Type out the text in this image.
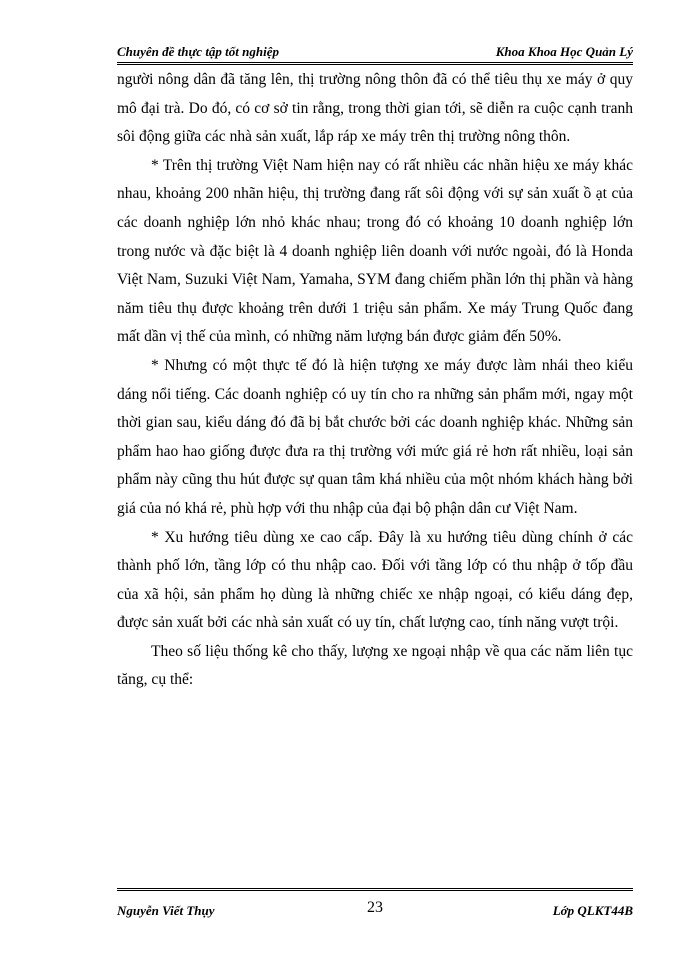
Chuyên đề thực tập tốt nghiệp	Khoa Khoa Học Quản Lý

người nông dân đã tăng lên, thị trường nông thôn đã có thể tiêu thụ xe máy ở quy mô đại trà. Do đó, có cơ sở tin rằng, trong thời gian tới, sẽ diễn ra cuộc cạnh tranh sôi động giữa các nhà sản xuất, lắp ráp xe máy trên thị trường nông thôn.

* Trên thị trường Việt Nam hiện nay có rất nhiều các nhãn hiệu xe máy khác nhau, khoảng 200 nhãn hiệu, thị trường đang rất sôi động với sự sản xuất ồ ạt của các doanh nghiệp lớn nhỏ khác nhau; trong đó có khoảng 10 doanh nghiệp lớn trong nước và đặc biệt là 4 doanh nghiệp liên doanh với nước ngoài, đó là Honda Việt Nam, Suzuki Việt Nam, Yamaha, SYM đang chiếm phần lớn thị phần và hàng năm tiêu thụ được khoảng trên dưới 1 triệu sản phẩm. Xe máy Trung Quốc đang mất dần vị thế của mình, có những năm lượng bán được giảm đến 50%.

* Nhưng có một thực tế đó là hiện tượng xe máy được làm nhái theo kiểu dáng nổi tiếng. Các doanh nghiệp có uy tín cho ra những sản phẩm mới, ngay một thời gian sau, kiểu dáng đó đã bị bắt chước bởi các doanh nghiệp khác. Những sản phẩm hao hao giống được đưa ra thị trường với mức giá rẻ hơn rất nhiều, loại sản phẩm này cũng thu hút được sự quan tâm khá nhiều của một nhóm khách hàng bởi giá của nó khá rẻ, phù hợp với thu nhập của đại bộ phận dân cư Việt Nam.

* Xu hướng tiêu dùng xe cao cấp. Đây là xu hướng tiêu dùng chính ở các thành phố lớn, tầng lớp có thu nhập cao. Đối với tầng lớp có thu nhập ở tốp đầu của xã hội, sản phẩm họ dùng là những chiếc xe nhập ngoại, có kiểu dáng đẹp, được sản xuất bởi các nhà sản xuất có uy tín, chất lượng cao, tính năng vượt trội.

Theo số liệu thống kê cho thấy, lượng xe ngoại nhập về qua các năm liên tục tăng, cụ thể:

Nguyễn Viết Thụy	23	Lớp QLKT44B
